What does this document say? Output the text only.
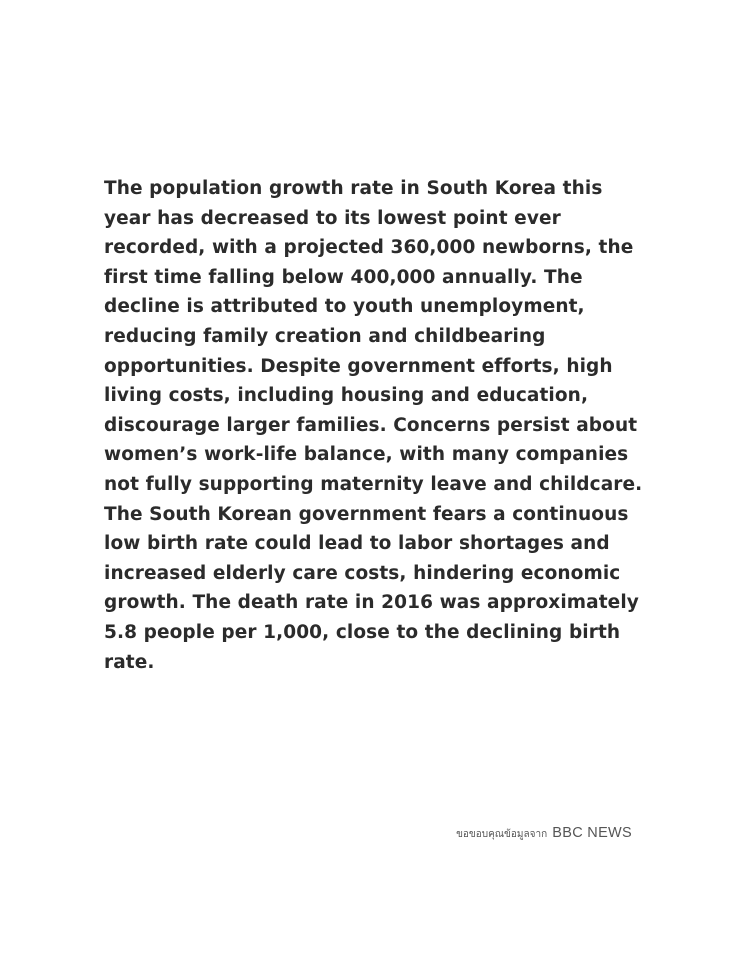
The population growth rate in South Korea this year has decreased to its lowest point ever recorded, with a projected 360,000 newborns, the first time falling below 400,000 annually. The decline is attributed to youth unemployment, reducing family creation and childbearing opportunities. Despite government efforts, high living costs, including housing and education, discourage larger families. Concerns persist about women’s work-life balance, with many companies not fully supporting maternity leave and childcare. The South Korean government fears a continuous low birth rate could lead to labor shortages and increased elderly care costs, hindering economic growth. The death rate in 2016 was approximately 5.8 people per 1,000, close to the declining birth rate.

ขอขอบคุณข้อมูลจาก BBC NEWS
